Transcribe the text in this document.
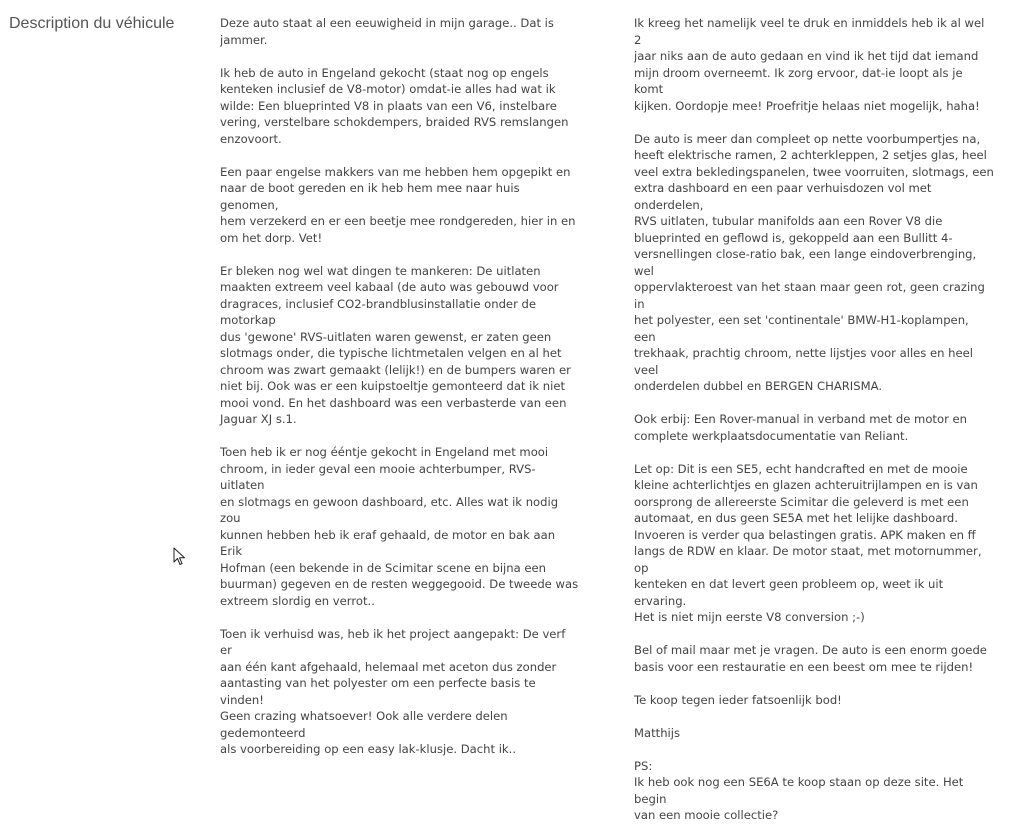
Description du véhicule	Deze auto staat al een eeuwigheid in mijn garage.. Dat is
jammer.

Ik heb de auto in Engeland gekocht (staat nog op engels
kenteken inclusief de V8-motor) omdat-ie alles had wat ik
wilde: Een blueprinted V8 in plaats van een V6, instelbare
vering, verstelbare schokdempers, braided RVS remslangen
enzovoort.

Een paar engelse makkers van me hebben hem opgepikt en
naar de boot gereden en ik heb hem mee naar huis genomen,
hem verzekerd en er een beetje mee rondgereden, hier in en
om het dorp. Vet!

Er bleken nog wel wat dingen te mankeren: De uitlaten
maakten extreem veel kabaal (de auto was gebouwd voor
dragraces, inclusief CO2-brandblusinstallatie onder de motorkap
dus 'gewone' RVS-uitlaten waren gewenst, er zaten geen
slotmags onder, die typische lichtmetalen velgen en al het
chroom was zwart gemaakt (lelijk!) en de bumpers waren er
niet bij. Ook was er een kuipstoeltje gemonteerd dat ik niet
mooi vond. En het dashboard was een verbasterde van een
Jaguar XJ s.1.

Toen heb ik er nog ééntje gekocht in Engeland met mooi
chroom, in ieder geval een mooie achterbumper, RVS-uitlaten
en slotmags en gewoon dashboard, etc. Alles wat ik nodig zou
kunnen hebben heb ik eraf gehaald, de motor en bak aan Erik
Hofman (een bekende in de Scimitar scene en bijna een
buurman) gegeven en de resten weggegooid. De tweede was
extreem slordig en verrot..

Toen ik verhuisd was, heb ik het project aangepakt: De verf er
aan één kant afgehaald, helemaal met aceton dus zonder
aantasting van het polyester om een perfecte basis te vinden!
Geen crazing whatsoever! Ook alle verdere delen gedemonteerd
als voorbereiding op een easy lak-klusje. Dacht ik..

Ik kreeg het namelijk veel te druk en inmiddels heb ik al wel 2
jaar niks aan de auto gedaan en vind ik het tijd dat iemand
mijn droom overneemt. Ik zorg ervoor, dat-ie loopt als je komt
kijken. Oordopje mee! Proefritje helaas niet mogelijk, haha!

De auto is meer dan compleet op nette voorbumpertjes na,
heeft elektrische ramen, 2 achterkleppen, 2 setjes glas, heel
veel extra bekledingspanelen, twee voorruiten, slotmags, een
extra dashboard en een paar verhuisdozen vol met onderdelen,
RVS uitlaten, tubular manifolds aan een Rover V8 die
blueprinted en geflowd is, gekoppeld aan een Bullitt 4-
versnellingen close-ratio bak, een lange eindoverbrenging, wel
oppervlakteroest van het staan maar geen rot, geen crazing in
het polyester, een set 'continentale' BMW-H1-koplampen, een
trekhaak, prachtig chroom, nette lijstjes voor alles en heel veel
onderdelen dubbel en BERGEN CHARISMA.

Ook erbij: Een Rover-manual in verband met de motor en
complete werkplaatsdocumentatie van Reliant.

Let op: Dit is een SE5, echt handcrafted en met de mooie
kleine achterlichtjes en glazen achteruitrijlampen en is van
oorsprong de allereerste Scimitar die geleverd is met een
automaat, en dus geen SE5A met het lelijke dashboard.
Invoeren is verder qua belastingen gratis. APK maken en ff
langs de RDW en klaar. De motor staat, met motornummer, op
kenteken en dat levert geen probleem op, weet ik uit ervaring.
Het is niet mijn eerste V8 conversion ;-)

Bel of mail maar met je vragen. De auto is een enorm goede
basis voor een restauratie en een beest om mee te rijden!

Te koop tegen ieder fatsoenlijk bod!

Matthijs

PS:
Ik heb ook nog een SE6A te koop staan op deze site. Het begin
van een mooie collectie?
